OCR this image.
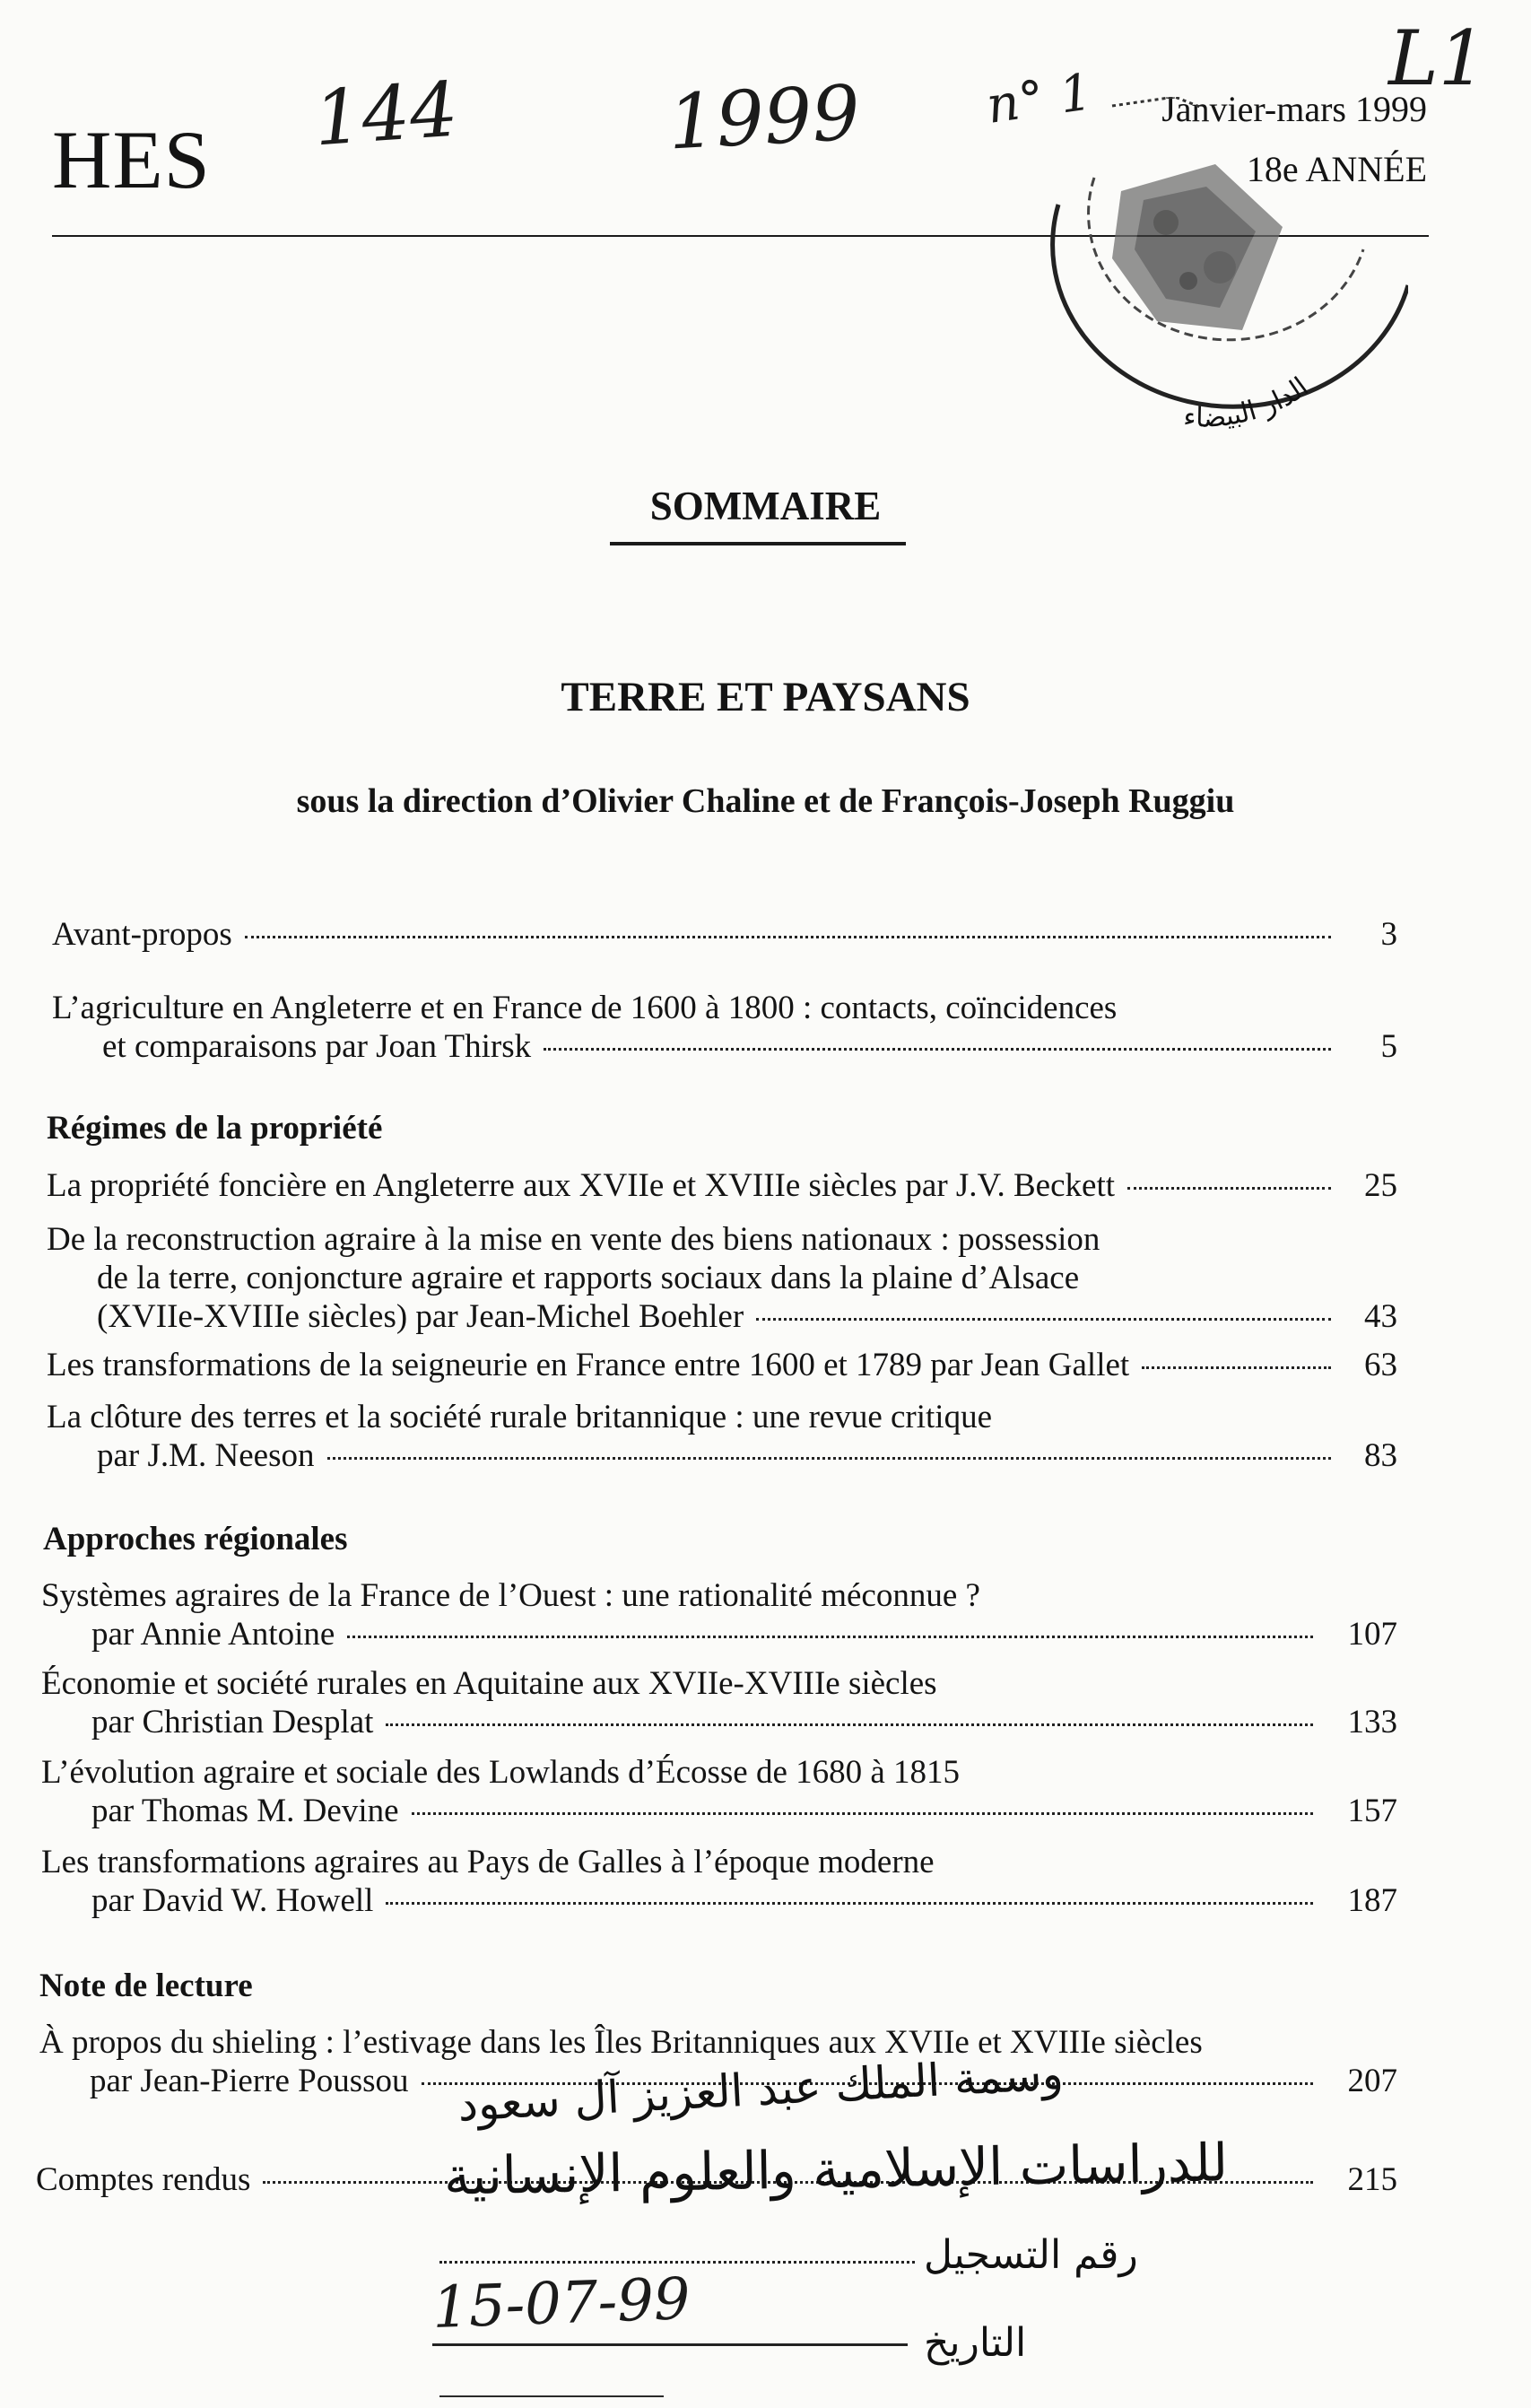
HES
Janvier-mars 1999
18e ANNÉE
144	1999 n° 1	L1
الدار البيضاء
SOMMAIRE
TERRE ET PAYSANS
sous la direction d’Olivier Chaline et de François-Joseph Ruggiu
Avant-propos	3
L’agriculture en Angleterre et en France de 1600 à 1800 : contacts, coïncidences
et comparaisons par Joan Thirsk	5
Régimes de la propriété
La propriété foncière en Angleterre aux XVIIe et XVIIIe siècles par J.V. Beckett	25
De la reconstruction agraire à la mise en vente des biens nationaux : possession
de la terre, conjoncture agraire et rapports sociaux dans la plaine d’Alsace
(XVIIe-XVIIIe siècles) par Jean-Michel Boehler	43
Les transformations de la seigneurie en France entre 1600 et 1789 par Jean Gallet	63
La clôture des terres et la société rurale britannique : une revue critique
par J.M. Neeson	83
Approches régionales
Systèmes agraires de la France de l’Ouest : une rationalité méconnue ?
par Annie Antoine	107
Économie et société rurales en Aquitaine aux XVIIe-XVIIIe siècles
par Christian Desplat	133
L’évolution agraire et sociale des Lowlands d’Écosse de 1680 à 1815
par Thomas M. Devine	157
Les transformations agraires au Pays de Galles à l’époque moderne
par David W. Howell	187
Note de lecture
À propos du shieling : l’estivage dans les Îles Britanniques aux XVIIe et XVIIIe siècles
par Jean-Pierre Poussou	207
Comptes rendus	215
وسمة الملك عبد العزيز آل سعود
للدراسات الإسلامية والعلوم الإنسانية
رقم التسجيل
15-07-99
التاريخ
